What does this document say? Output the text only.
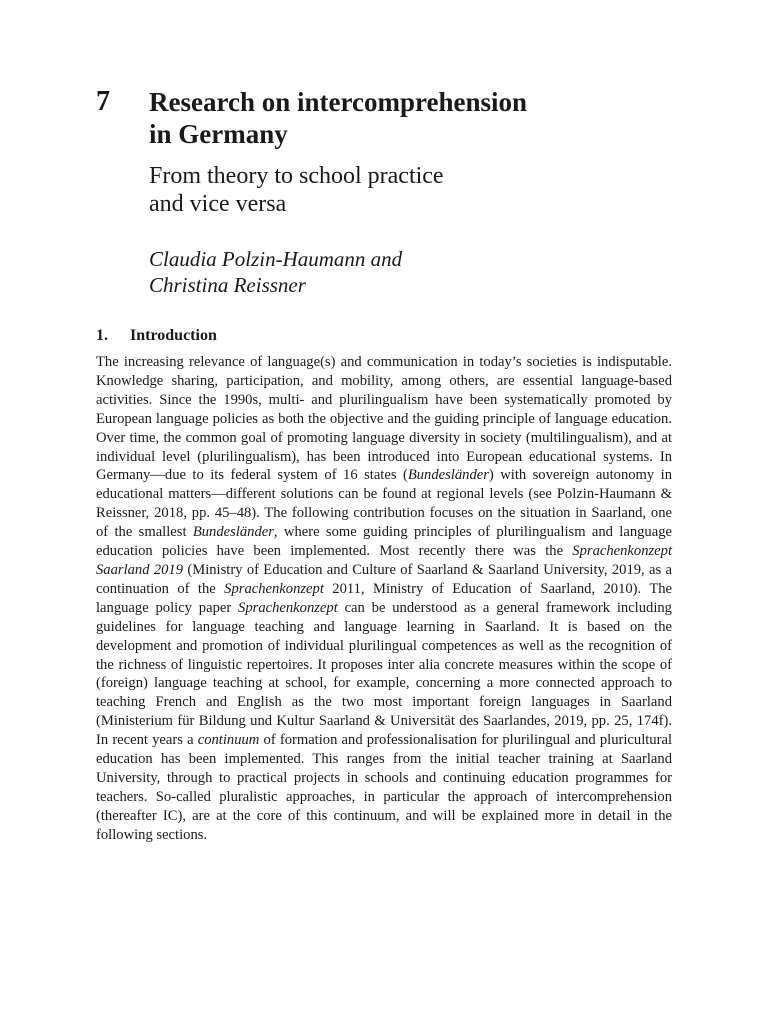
7 Research on intercomprehension
in Germany
From theory to school practice
and vice versa

Claudia Polzin-Haumann and
Christina Reissner

1. Introduction

The increasing relevance of language(s) and communication in today’s societies is indisputable. Knowledge sharing, participation, and mobility, among others, are essential language-based activities. Since the 1990s, multi- and plurilingualism have been systematically promoted by European language policies as both the objective and the guiding principle of language education. Over time, the common goal of promoting language diversity in society (multilingualism), and at individual level (plurilingualism), has been introduced into European educational systems. In Germany—due to its federal system of 16 states (Bundesländer) with sovereign autonomy in educational matters—different solutions can be found at regional levels (see Polzin-Haumann & Reissner, 2018, pp. 45–48). The following contribution focuses on the situation in Saarland, one of the smallest Bundesländer, where some guiding principles of plurilingualism and language education policies have been implemented. Most recently there was the Sprachenkonzept Saarland 2019 (Ministry of Education and Culture of Saarland & Saarland University, 2019, as a continuation of the Sprachenkonzept 2011, Ministry of Education of Saarland, 2010). The language policy paper Sprachenkonzept can be understood as a general framework including guidelines for language teaching and language learning in Saarland. It is based on the development and promotion of individual plurilingual competences as well as the recognition of the richness of linguistic repertoires. It proposes inter alia concrete measures within the scope of (foreign) language teaching at school, for example, concerning a more connected approach to teaching French and English as the two most important foreign languages in Saarland (Ministerium für Bildung und Kultur Saarland & Universität des Saarlandes, 2019, pp. 25, 174f). In recent years a continuum of formation and professionalisation for plurilingual and pluricultural education has been implemented. This ranges from the initial teacher training at Saarland University, through to practical projects in schools and continuing education programmes for teachers. So-called pluralistic approaches, in particular the approach of intercomprehension (thereafter IC), are at the core of this continuum, and will be explained more in detail in the following sections.
